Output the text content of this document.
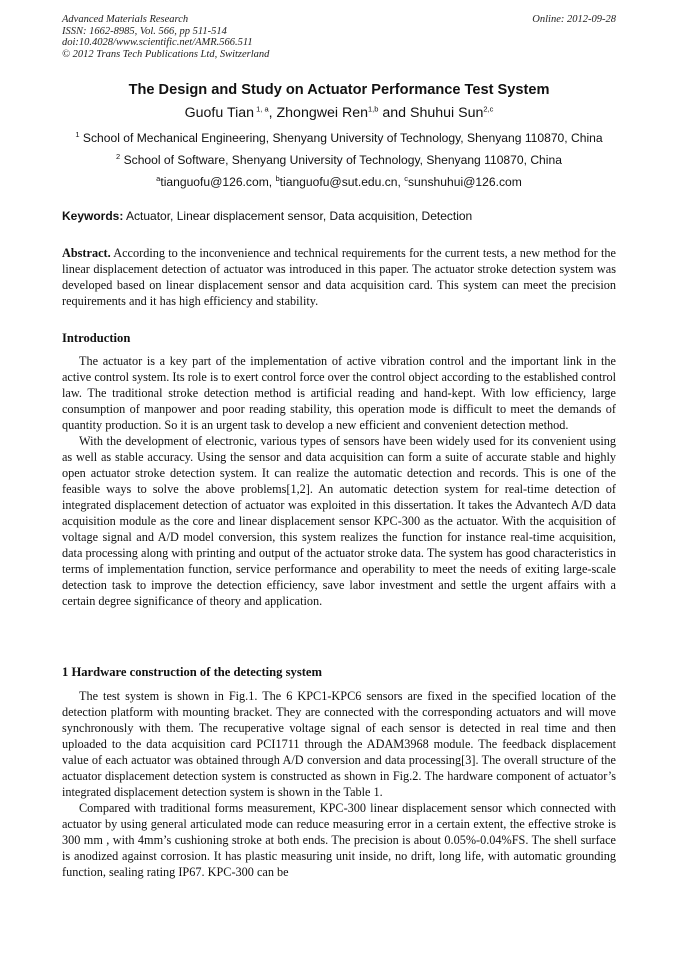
Advanced Materials Research
ISSN: 1662-8985, Vol. 566, pp 511-514
doi:10.4028/www.scientific.net/AMR.566.511
© 2012 Trans Tech Publications Ltd, Switzerland
Online: 2012-09-28
The Design and Study on Actuator Performance Test System
Guofu Tian $^{1, a}$, Zhongwei Ren$^{1,b}$ and Shuhui Sun$^{2,c}$
$^1$ School of Mechanical Engineering, Shenyang University of Technology, Shenyang 110870, China
$^2$ School of Software, Shenyang University of Technology, Shenyang 110870, China
$^a$tianguofu@126.com, $^b$tianguofu@sut.edu.cn, $^c$sunshuhui@126.com
Keywords: Actuator, Linear displacement sensor, Data acquisition, Detection
Abstract. According to the inconvenience and technical requirements for the current tests, a new method for the linear displacement detection of actuator was introduced in this paper. The actuator stroke detection system was developed based on linear displacement sensor and data acquisition card. This system can meet the precision requirements and it has high efficiency and stability.
Introduction

The actuator is a key part of the implementation of active vibration control and the important link in the active control system. Its role is to exert control force over the control object according to the established control law. The traditional stroke detection method is artificial reading and hand-kept. With low efficiency, large consumption of manpower and poor reading stability, this operation mode is difficult to meet the demands of quantity production. So it is an urgent task to develop a new efficient and convenient detection method.

With the development of electronic, various types of sensors have been widely used for its convenient using as well as stable accuracy. Using the sensor and data acquisition can form a suite of accurate stable and highly open actuator stroke detection system. It can realize the automatic detection and records. This is one of the feasible ways to solve the above problems[1,2]. An automatic detection system for real-time detection of integrated displacement detection of actuator was exploited in this dissertation. It takes the Advantech A/D data acquisition module as the core and linear displacement sensor KPC-300 as the actuator. With the acquisition of voltage signal and A/D model conversion, this system realizes the function for instance real-time acquisition, data processing along with printing and output of the actuator stroke data. The system has good characteristics in terms of implementation function, service performance and operability to meet the needs of exiting large-scale detection task to improve the detection efficiency, save labor investment and settle the urgent affairs with a certain degree significance of theory and application.

1 Hardware construction of the detecting system

The test system is shown in Fig.1. The 6 KPC1-KPC6 sensors are fixed in the specified location of the detection platform with mounting bracket. They are connected with the corresponding actuators and will move synchronously with them. The recuperative voltage signal of each sensor is detected in real time and then uploaded to the data acquisition card PCI1711 through the ADAM3968 module. The feedback displacement value of each actuator was obtained through A/D conversion and data processing[3]. The overall structure of the actuator displacement detection system is constructed as shown in Fig.2. The hardware component of actuator’s integrated displacement detection system is shown in the Table 1.

Compared with traditional forms measurement, KPC-300 linear displacement sensor which connected with actuator by using general articulated mode can reduce measuring error in a certain extent, the effective stroke is 300 mm , with 4mm’s cushioning stroke at both ends. The precision is about 0.05%-0.04%FS. The shell surface is anodized against corrosion. It has plastic measuring unit inside, no drift, long life, with automatic grounding function, sealing rating IP67. KPC-300 can be
